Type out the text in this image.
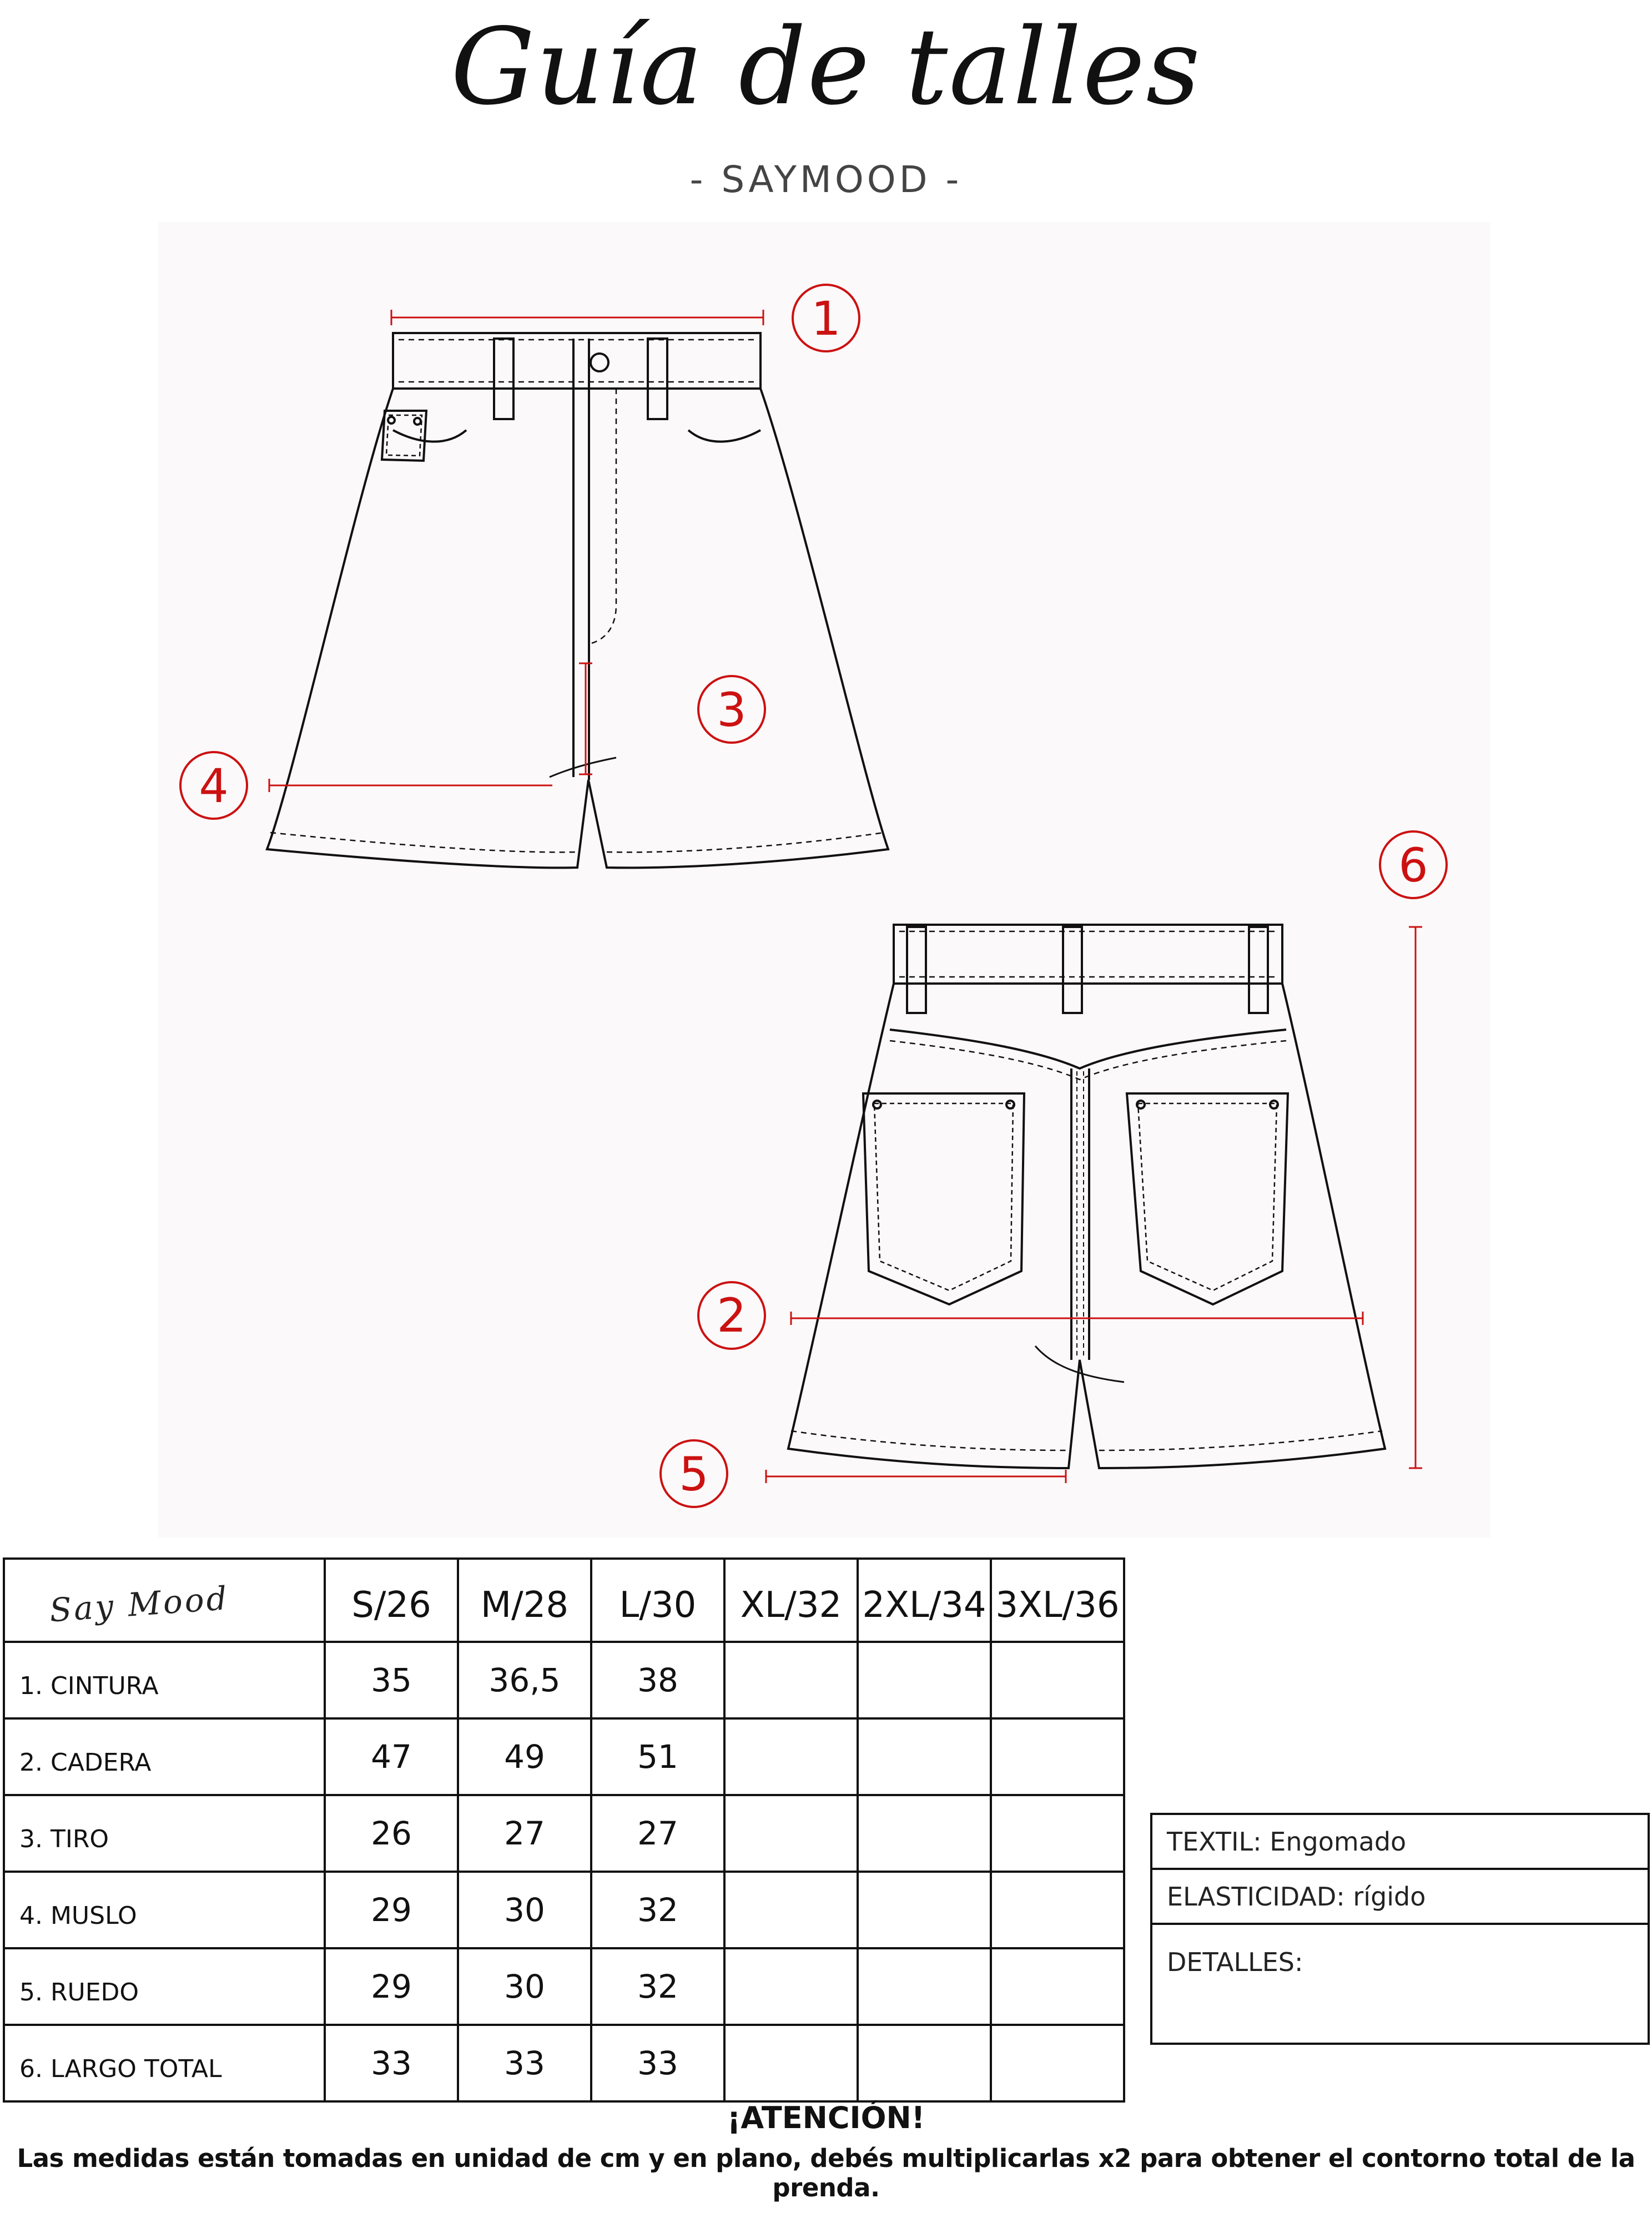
Guía de talles
- SAYMOOD -
1
2
3
4
5
6
Say Mood	S/26	M/28	L/30	XL/32	2XL/34	3XL/36
1. CINTURA	35	36,5	38			
2. CADERA	47	49	51			
3. TIRO	26	27	27			
4. MUSLO	29	30	32			
5. RUEDO	29	30	32			
6. LARGO TOTAL	33	33	33			
TEXTIL: Engomado
ELASTICIDAD: rígido
DETALLES:
¡ATENCIÓN!
Las medidas están tomadas en unidad de cm y en plano, debés multiplicarlas x2 para obtener el contorno total de la prenda.
